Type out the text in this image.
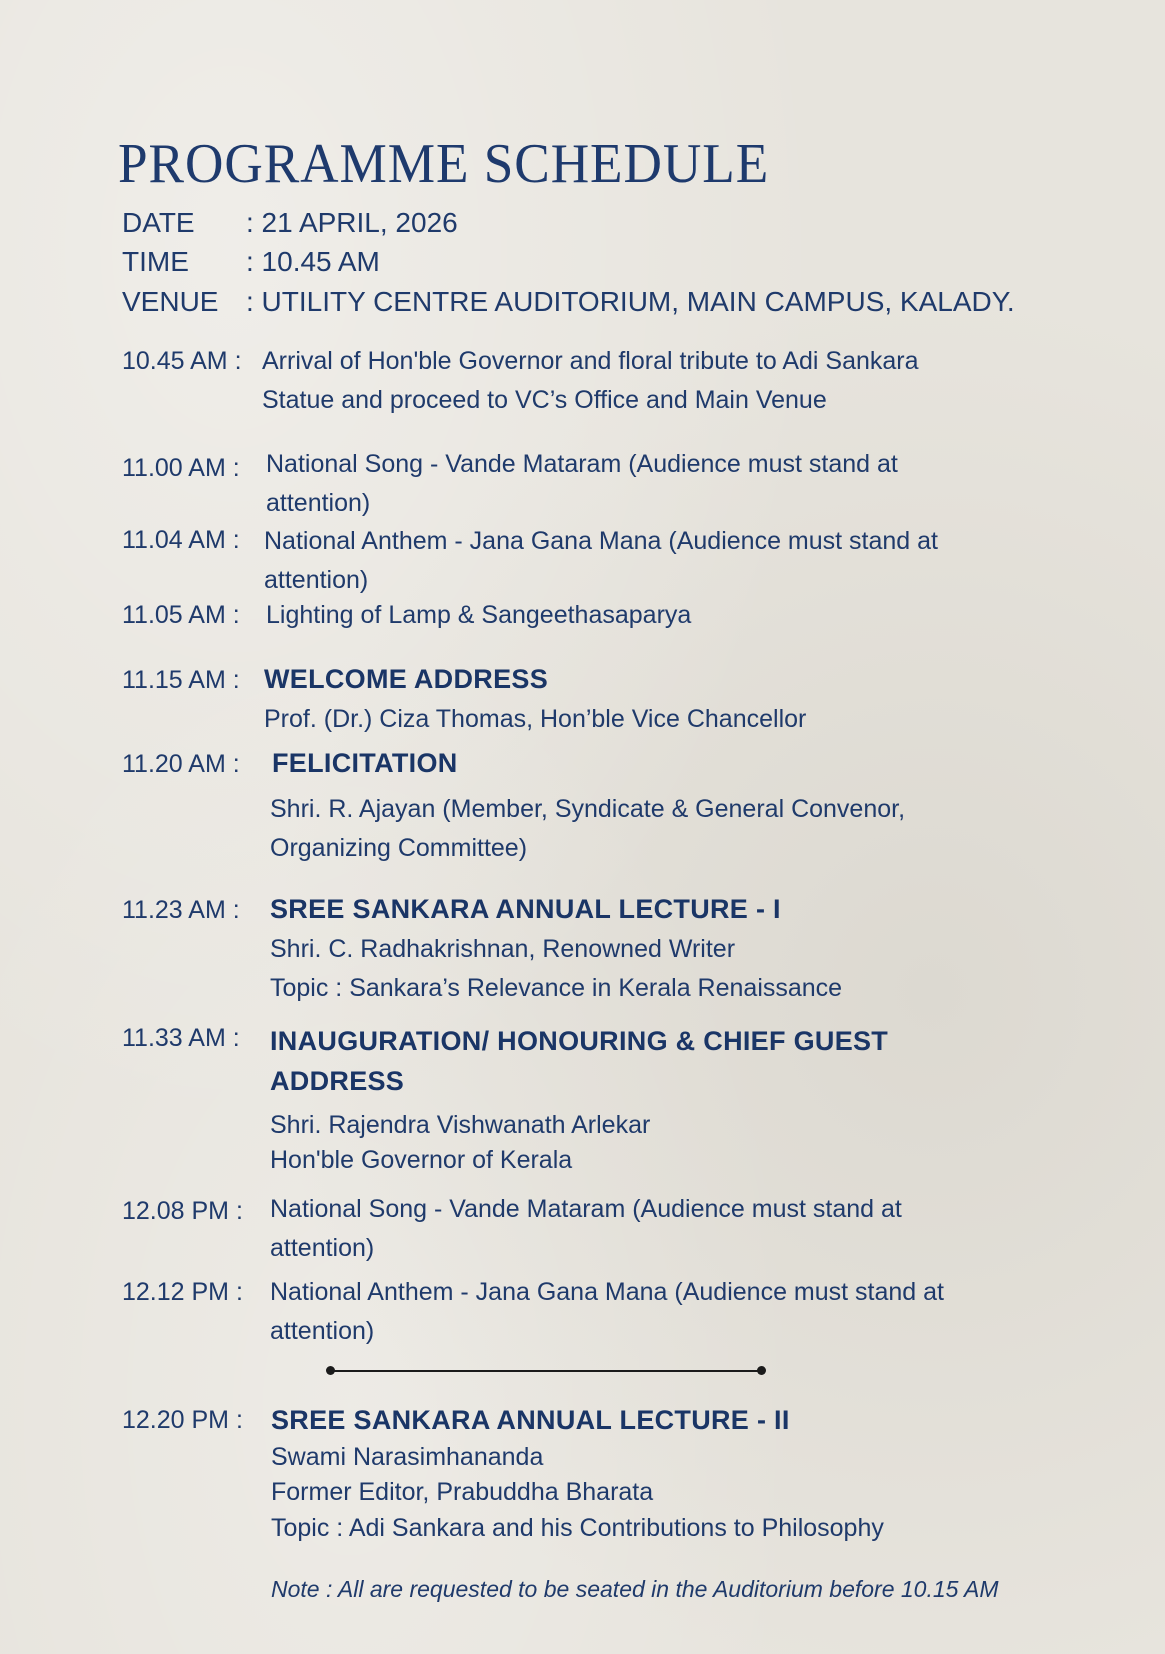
PROGRAMME SCHEDULE
DATE : 21 APRIL, 2026
TIME : 10.45 AM
VENUE : UTILITY CENTRE AUDITORIUM, MAIN CAMPUS, KALADY.
10.45 AM : Arrival of Hon'ble Governor and floral tribute to Adi Sankara
Statue and proceed to VC’s Office and Main Venue
11.00 AM : National Song - Vande Mataram (Audience must stand at
attention)
11.04 AM : National Anthem - Jana Gana Mana (Audience must stand at
attention)
11.05 AM : Lighting of Lamp & Sangeethasaparya
11.15 AM : WELCOME ADDRESS
Prof. (Dr.) Ciza Thomas, Hon’ble Vice Chancellor
11.20 AM : FELICITATION
Shri. R. Ajayan (Member, Syndicate & General Convenor,
Organizing Committee)
11.23 AM : SREE SANKARA ANNUAL LECTURE - I
Shri. C. Radhakrishnan, Renowned Writer
Topic : Sankara’s Relevance in Kerala Renaissance
11.33 AM : INAUGURATION/ HONOURING & CHIEF GUEST
ADDRESS
Shri. Rajendra Vishwanath Arlekar
Hon'ble Governor of Kerala
12.08 PM : National Song - Vande Mataram (Audience must stand at
attention)
12.12 PM : National Anthem - Jana Gana Mana (Audience must stand at
attention)
12.20 PM : SREE SANKARA ANNUAL LECTURE - II
Swami Narasimhananda
Former Editor, Prabuddha Bharata
Topic : Adi Sankara and his Contributions to Philosophy
Note : All are requested to be seated in the Auditorium before 10.15 AM
